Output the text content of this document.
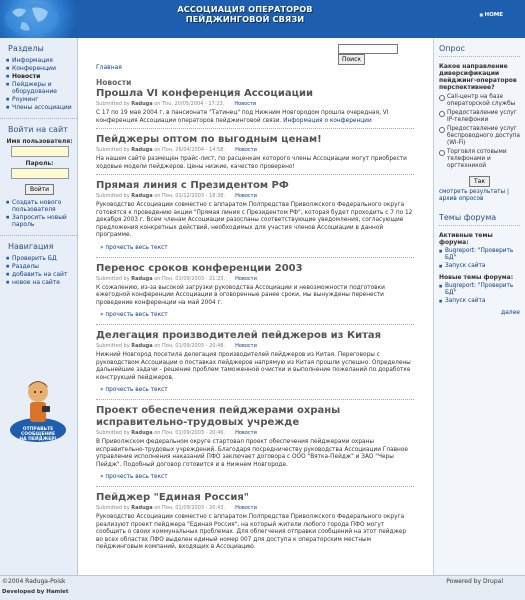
АССОЦИАЦИЯ ОПЕРАТОРОВ
ПЕЙДЖИНГОВОЙ СВЯЗИ
■	HOME
Разделы
■ Информация
■ Конференции
■ Новости
■ Пейджеры и оборудование
■ Роуминг
■ Члены ассоциации
Войти на сайт
Имя пользователя:
Пароль:
Войти
■ Создать нового пользователя
■ Запросить новый пароль
Навигация
■ Проверить БД
■ Разделы
■ добавить на сайт
■ новое на сайте
ОТПРАВЬТЕ
СООБЩЕНИЕ
НА ПЕЙДЖЕР!
Поиск
Главная
Новости
Прошла VI конференция Ассоциации
Submitted by Raduga on Thu, 20/05/2004 - 17:23. Новости

С 17 по 19 мая 2004 г. в пансионате "Татинец" под Нижним Новгородом прошла очередная, VI конференция Ассоциации операторов пейджинговой связи. Информация о конференции

Пейджеры оптом по выгодным ценам!
Submitted by Raduga on Пон, 26/04/2004 - 14:58. Новости

На нашем сайте размещен прайс-лист, по расценкам которого члены Ассоциации могут приобрести ходовые модели пейджеров. Цены низкие, качество проверено!

Прямая линия с Президентом РФ
Submitted by Raduga on Пон, 01/12/2003 - 18:38. Новости

Руководство Ассоциации совместно с аппаратом Полпредства Приволжского Федерального округа готовятся к проведению акции "Прямая линия с Президентом РФ", которая будет проходить с 7 по 12 декабря 2003 г. Всем членам Ассоциации разосланы соответствующие уведомления, согласующие предложения конкретных действий, необходимых для участия членов Ассоциации в данной программе.

» прочесть весь текст
Перенос сроков конференции 2003
Submitted by Raduga on Пон, 01/09/2003 - 21:23. Новости

К сожалению, из-за высокой загрузки руководства Ассоциации и невозможности подготовки ежегодной конференции Ассоциации в оговоренные ранее сроки, мы вынуждены перенести проведение конференции на май 2004 г.

» прочесть весь текст
Делегация производителей пейджеров из Китая
Submitted by Raduga on Пон, 01/09/2003 - 20:48. Новости

Нижний Новгород посетила делегация производителей пейджеров из Китая. Переговоры с руководством Ассоциации о поставках пейджеров напрямую из Китая прошли успешно. Определены дальнейшие задачи - решение проблем таможенной очистки и выполнение пожеланий по доработке конструкций пейджеров.

» прочесть весь текст
Проект обеспечения пейджерами охраны исправительно-трудовых учрежде
Submitted by Raduga on Пон, 01/09/2003 - 20:46. Новости

В Приволжском федеральном округе стартовал проект обеспечения пейджерами охраны исправительно-трудовых учреждений. Благодаря посредничеству руководства Ассоциации Главное управление исполнения наказаний ПФО заключает договора с ООО "Вятка-Пейдж" и ЗАО "Черы Пейдж". Подобный договор готовится и в Нижнем Новгороде.

» прочесть весь текст
Пейджер "Единая Россия"
Submitted by Raduga on Пон, 01/09/2003 - 20:43. Новости

Руководство Ассоциации совместно с аппаратом Полпредства Приволжского Федерального округа реализуют проект пейджера "Единая Россия", на который жители любого города ПФО могут сообщить о своих коммунальных проблемах. Для облегчения отправки сообщений на этот пейджер во всех областях ПФО выделен единый номер 007 для доступа к операторским местным пейджинговым компаний, входящих в Ассоциацию.

Опрос
Какое направление диверсификации пейджинг-операторов перспективнее?
Call-центр на базе операторской службы
Предоставление услуг IP-телефонии
Предоставление услуг беспроводного доступа (Wi-Fi)
Торговля сотовыми телефонами и оргтехникой
Так
смотреть результаты | архив опросов
Темы форума
Активные темы форума:
■ Bugreport: "Проверить БД"
■ Запуск сайта
Новые темы форума:
■ Bugreport: "Проверить БД"
■ Запуск сайта
далее
©2004 Raduga-Poisk	Powered by Drupal
Developed by Hamlet
